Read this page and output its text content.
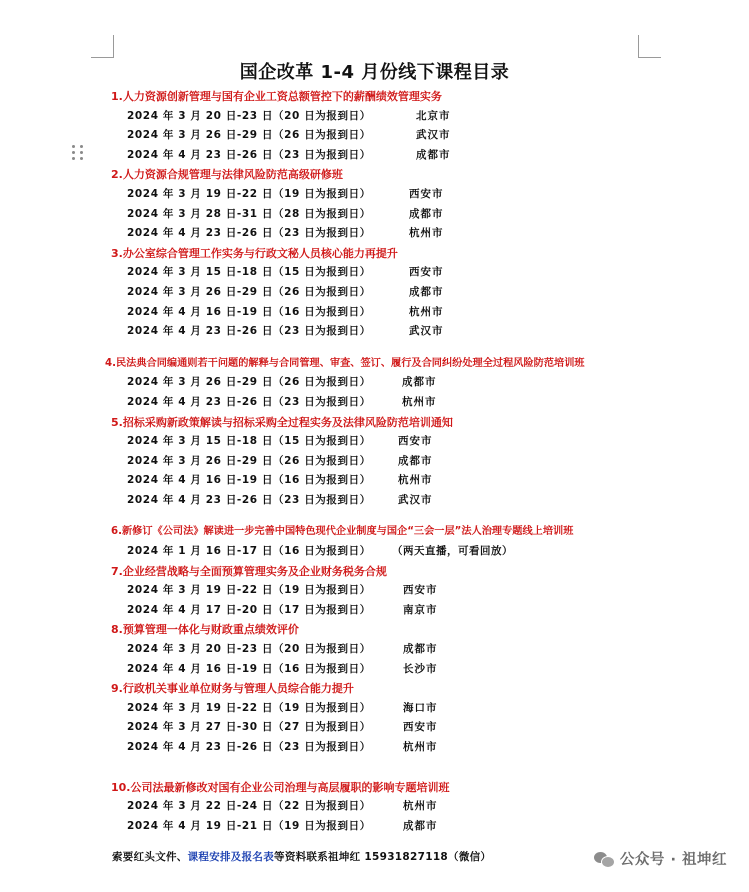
国企改革 1-4 月份线下课程目录
1.人力资源创新管理与国有企业工资总额管控下的薪酬绩效管理实务
2024 年 3 月 20 日-23 日（20 日为报到日）	北京市
2024 年 3 月 26 日-29 日（26 日为报到日）	武汉市
2024 年 4 月 23 日-26 日（23 日为报到日）	成都市
2.人力资源合规管理与法律风险防范高级研修班
2024 年 3 月 19 日-22 日（19 日为报到日）	西安市
2024 年 3 月 28 日-31 日（28 日为报到日）	成都市
2024 年 4 月 23 日-26 日（23 日为报到日）	杭州市
3.办公室综合管理工作实务与行政文秘人员核心能力再提升
2024 年 3 月 15 日-18 日（15 日为报到日）	西安市
2024 年 3 月 26 日-29 日（26 日为报到日）	成都市
2024 年 4 月 16 日-19 日（16 日为报到日）	杭州市
2024 年 4 月 23 日-26 日（23 日为报到日）	武汉市
4.民法典合同编通则若干问题的解释与合同管理、审查、签订、履行及合同纠纷处理全过程风险防范培训班
2024 年 3 月 26 日-29 日（26 日为报到日）	成都市
2024 年 4 月 23 日-26 日（23 日为报到日）	杭州市
5.招标采购新政策解读与招标采购全过程实务及法律风险防范培训通知
2024 年 3 月 15 日-18 日（15 日为报到日）	西安市
2024 年 3 月 26 日-29 日（26 日为报到日）	成都市
2024 年 4 月 16 日-19 日（16 日为报到日）	杭州市
2024 年 4 月 23 日-26 日（23 日为报到日）	武汉市
6.新修订《公司法》解读进一步完善中国特色现代企业制度与国企“三会一层”法人治理专题线上培训班
2024 年 1 月 16 日-17 日（16 日为报到日） （两天直播，可看回放）
7.企业经营战略与全面预算管理实务及企业财务税务合规
2024 年 3 月 19 日-22 日（19 日为报到日）	西安市
2024 年 4 月 17 日-20 日（17 日为报到日）	南京市
8.预算管理一体化与财政重点绩效评价
2024 年 3 月 20 日-23 日（20 日为报到日）	成都市
2024 年 4 月 16 日-19 日（16 日为报到日）	长沙市
9.行政机关事业单位财务与管理人员综合能力提升
2024 年 3 月 19 日-22 日（19 日为报到日）	海口市
2024 年 3 月 27 日-30 日（27 日为报到日）	西安市
2024 年 4 月 23 日-26 日（23 日为报到日）	杭州市
10.公司法最新修改对国有企业公司治理与高层履职的影响专题培训班
2024 年 3 月 22 日-24 日（22 日为报到日）	杭州市
2024 年 4 月 19 日-21 日（19 日为报到日）	成都市
索要红头文件、课程安排及报名表等资料联系祖坤红 15931827118（微信）	公众号 · 祖坤红
